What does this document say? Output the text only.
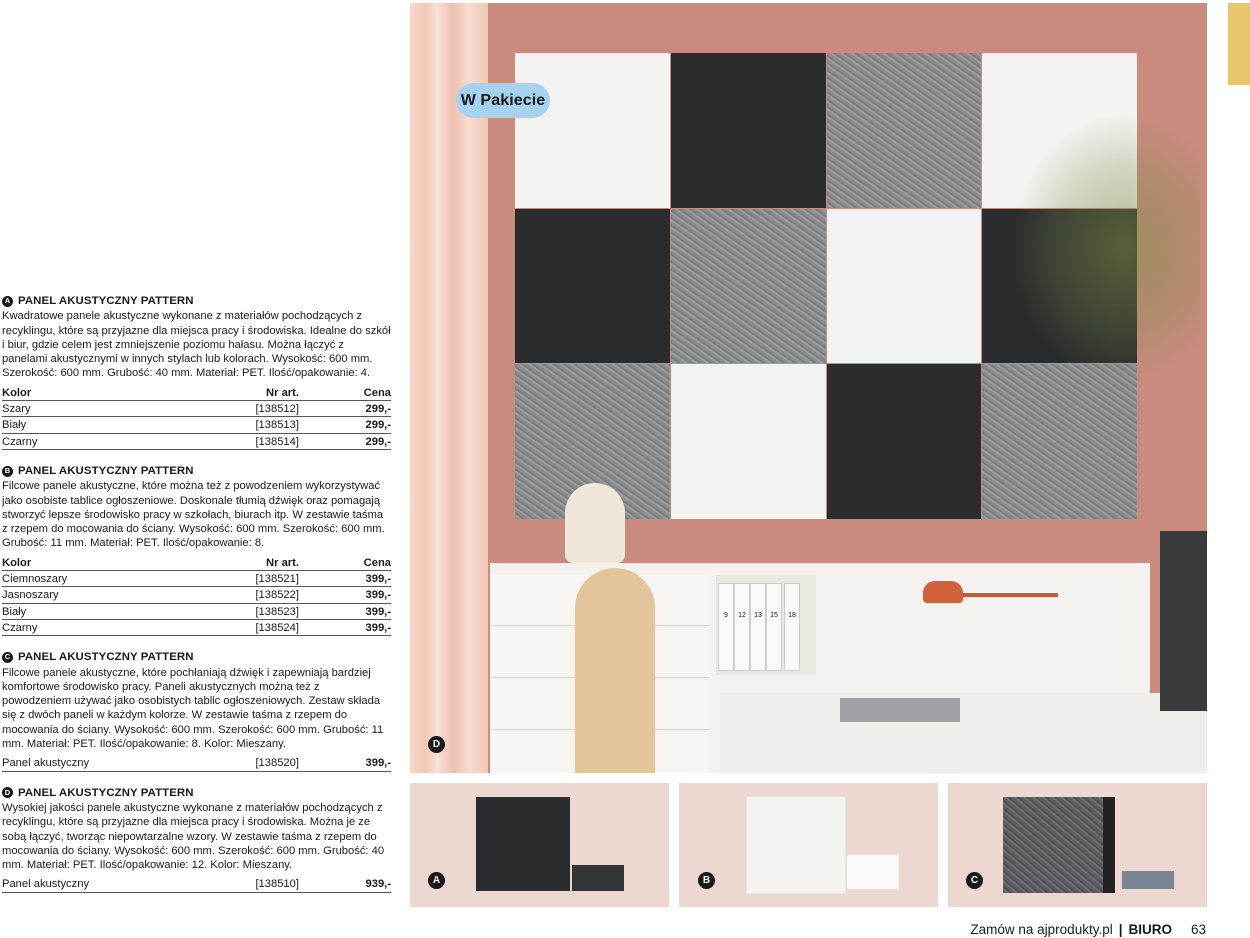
A PANEL AKUSTYCZNY PATTERN

Kwadratowe panele akustyczne wykonane z materiałów pochodzących z recyklingu, które są przyjazne dla miejsca pracy i środowiska. Idealne do szkół i biur, gdzie celem jest zmniejszenie poziomu hałasu. Można łączyć z panelami akustycznymi w innych stylach lub kolorach. Wysokość: 600 mm. Szerokość: 600 mm. Grubość: 40 mm. Materiał: PET. Ilość/opakowanie: 4.

Kolor	Nr art.	Cena
Szary	[138512]	299,-
Biały	[138513]	299,-
Czarny	[138514]	299,-
B PANEL AKUSTYCZNY PATTERN

Filcowe panele akustyczne, które można też z powodzeniem wykorzystywać jako osobiste tablice ogłoszeniowe. Doskonale tłumią dźwięk oraz pomagają stworzyć lepsze środowisko pracy w szkołach, biurach itp. W zestawie taśma z rzepem do mocowania do ściany. Wysokość: 600 mm. Szerokość: 600 mm. Grubość: 11 mm. Materiał: PET. Ilość/opakowanie: 8.

Kolor	Nr art.	Cena
Ciemnoszary	[138521]	399,-
Jasnoszary	[138522]	399,-
Biały	[138523]	399,-
Czarny	[138524]	399,-
C PANEL AKUSTYCZNY PATTERN

Filcowe panele akustyczne, które pochłaniają dźwięk i zapewniają bardziej komfortowe środowisko pracy. Paneli akustycznych można też z powodzeniem używać jako osobistych tablic ogłoszeniowych. Zestaw składa się z dwóch paneli w każdym kolorze. W zestawie taśma z rzepem do mocowania do ściany. Wysokość: 600 mm. Szerokość: 600 mm. Grubość: 11 mm. Materiał: PET. Ilość/opakowanie: 8. Kolor: Mieszany.

Panel akustyczny	[138520]	399,-
D PANEL AKUSTYCZNY PATTERN

Wysokiej jakości panele akustyczne wykonane z materiałów pochodzących z recyklingu, które są przyjazne dla miejsca pracy i środowiska. Można je ze sobą łączyć, tworząc niepowtarzalne wzory. W zestawie taśma z rzepem do mocowania do ściany. Wysokość: 600 mm. Szerokość: 600 mm. Grubość: 40 mm. Materiał: PET. Ilość/opakowanie: 12. Kolor: Mieszany.

Panel akustyczny	[138510]	939,-
9	12	13	15	18
W Pakiecie
D
A	B	C
Zamów na ajprodukty.pl | BIURO 63
